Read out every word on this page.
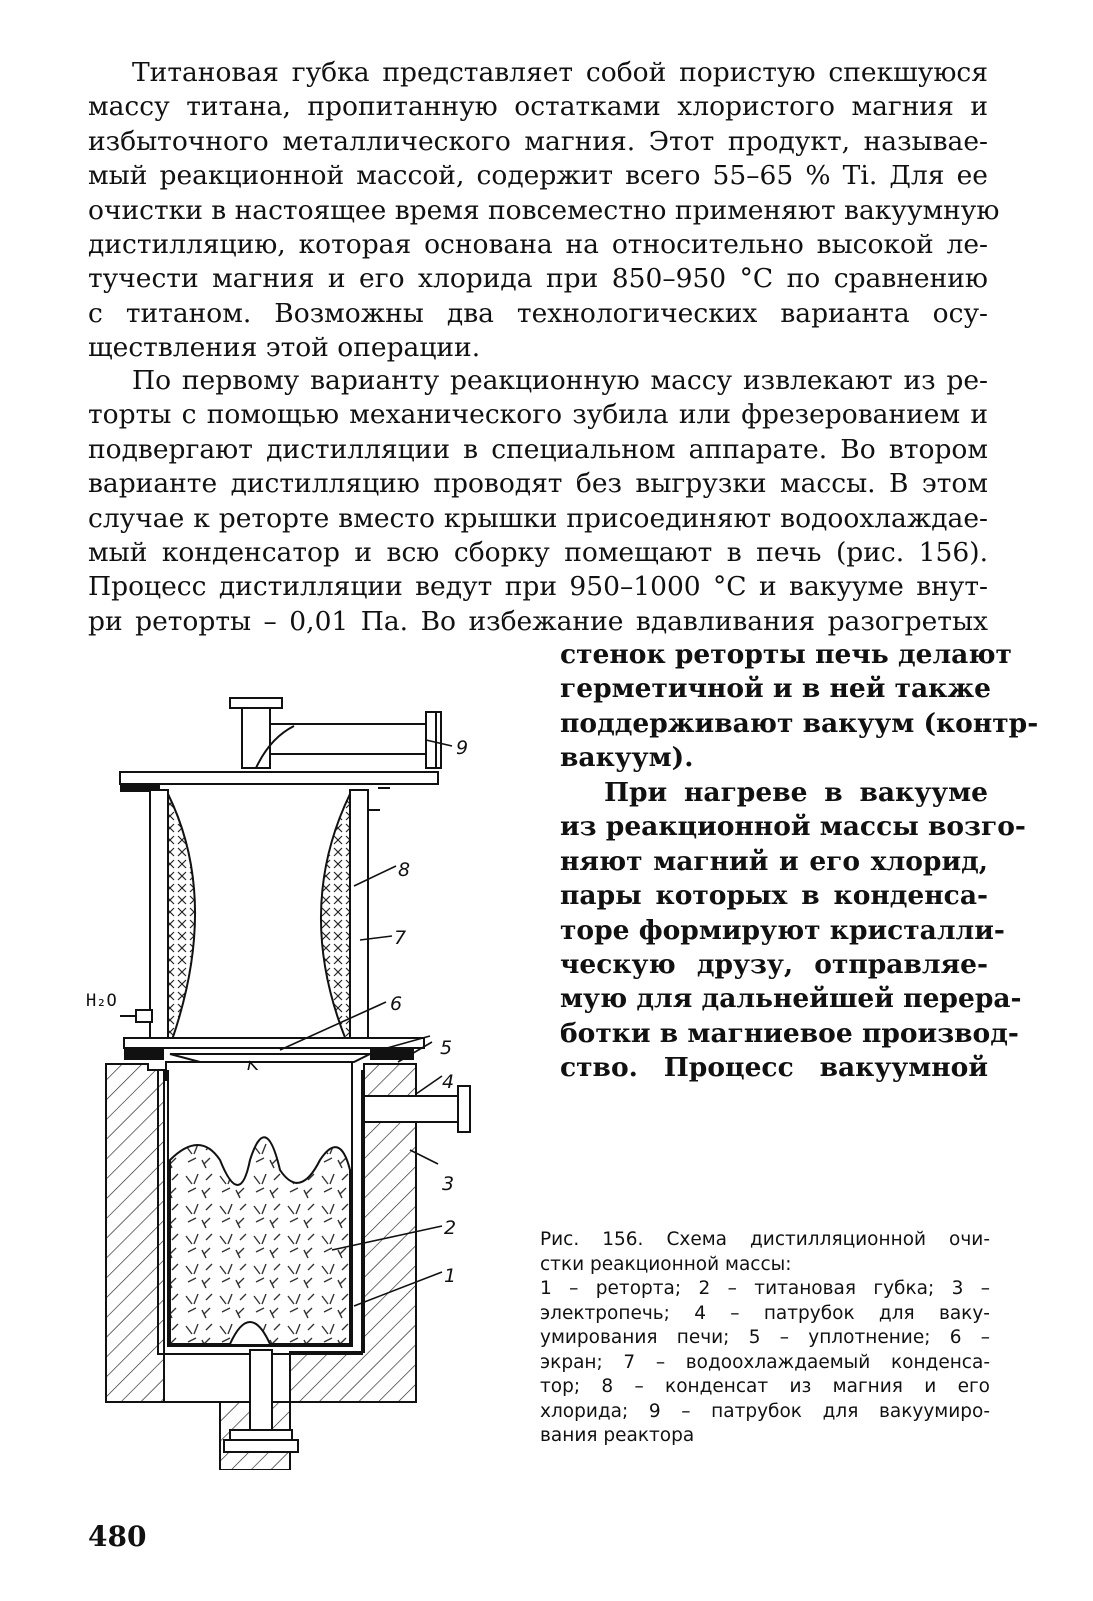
Титановая губка представляет собой пористую спекшуюся
массу титана, пропитанную остатками хлористого магния и
избыточного металлического магния. Этот продукт, называе-
мый реакционной массой, содержит всего 55–65 % Ti. Для ее
очистки в настоящее время повсеместно применяют вакуумную
дистилляцию, которая основана на относительно высокой ле-
тучести магния и его хлорида при 850–950 °C по сравнению
с титаном. Возможны два технологических варианта осу-
ществления этой операции.
По первому варианту реакционную массу извлекают из ре-
торты с помощью механического зубила или фрезерованием и
подвергают дистилляции в специальном аппарате. Во втором
варианте дистилляцию проводят без выгрузки массы. В этом
случае к реторте вместо крышки присоединяют водоохлаждае-
мый конденсатор и всю сборку помещают в печь (рис. 156).
Процесс дистилляции ведут при 950–1000 °C и вакууме внут-
ри реторты – 0,01 Па. Во избежание вдавливания разогретых
стенок реторты печь делают
герметичной и в ней также
поддерживают вакуум (контр-
вакуум).
При нагреве в вакууме
из реакционной массы возго-
няют магний и его хлорид,
пары которых в конденса-
торе формируют кристалли-
ческую друзу, отправляе-
мую для дальнейшей перера-
ботки в магниевое производ-
ство. Процесс вакуумной
9
8
7
6
5
4
3
2
1
H₂O
Рис. 156. Схема дистилляционной очи-
стки реакционной массы:
1 – реторта; 2 – титановая губка; 3 –
электропечь; 4 – патрубок для ваку-
умирования печи; 5 – уплотнение; 6 –
экран; 7 – водоохлаждаемый конденса-
тор; 8 – конденсат из магния и его
хлорида; 9 – патрубок для вакуумиро-
вания реактора
480
